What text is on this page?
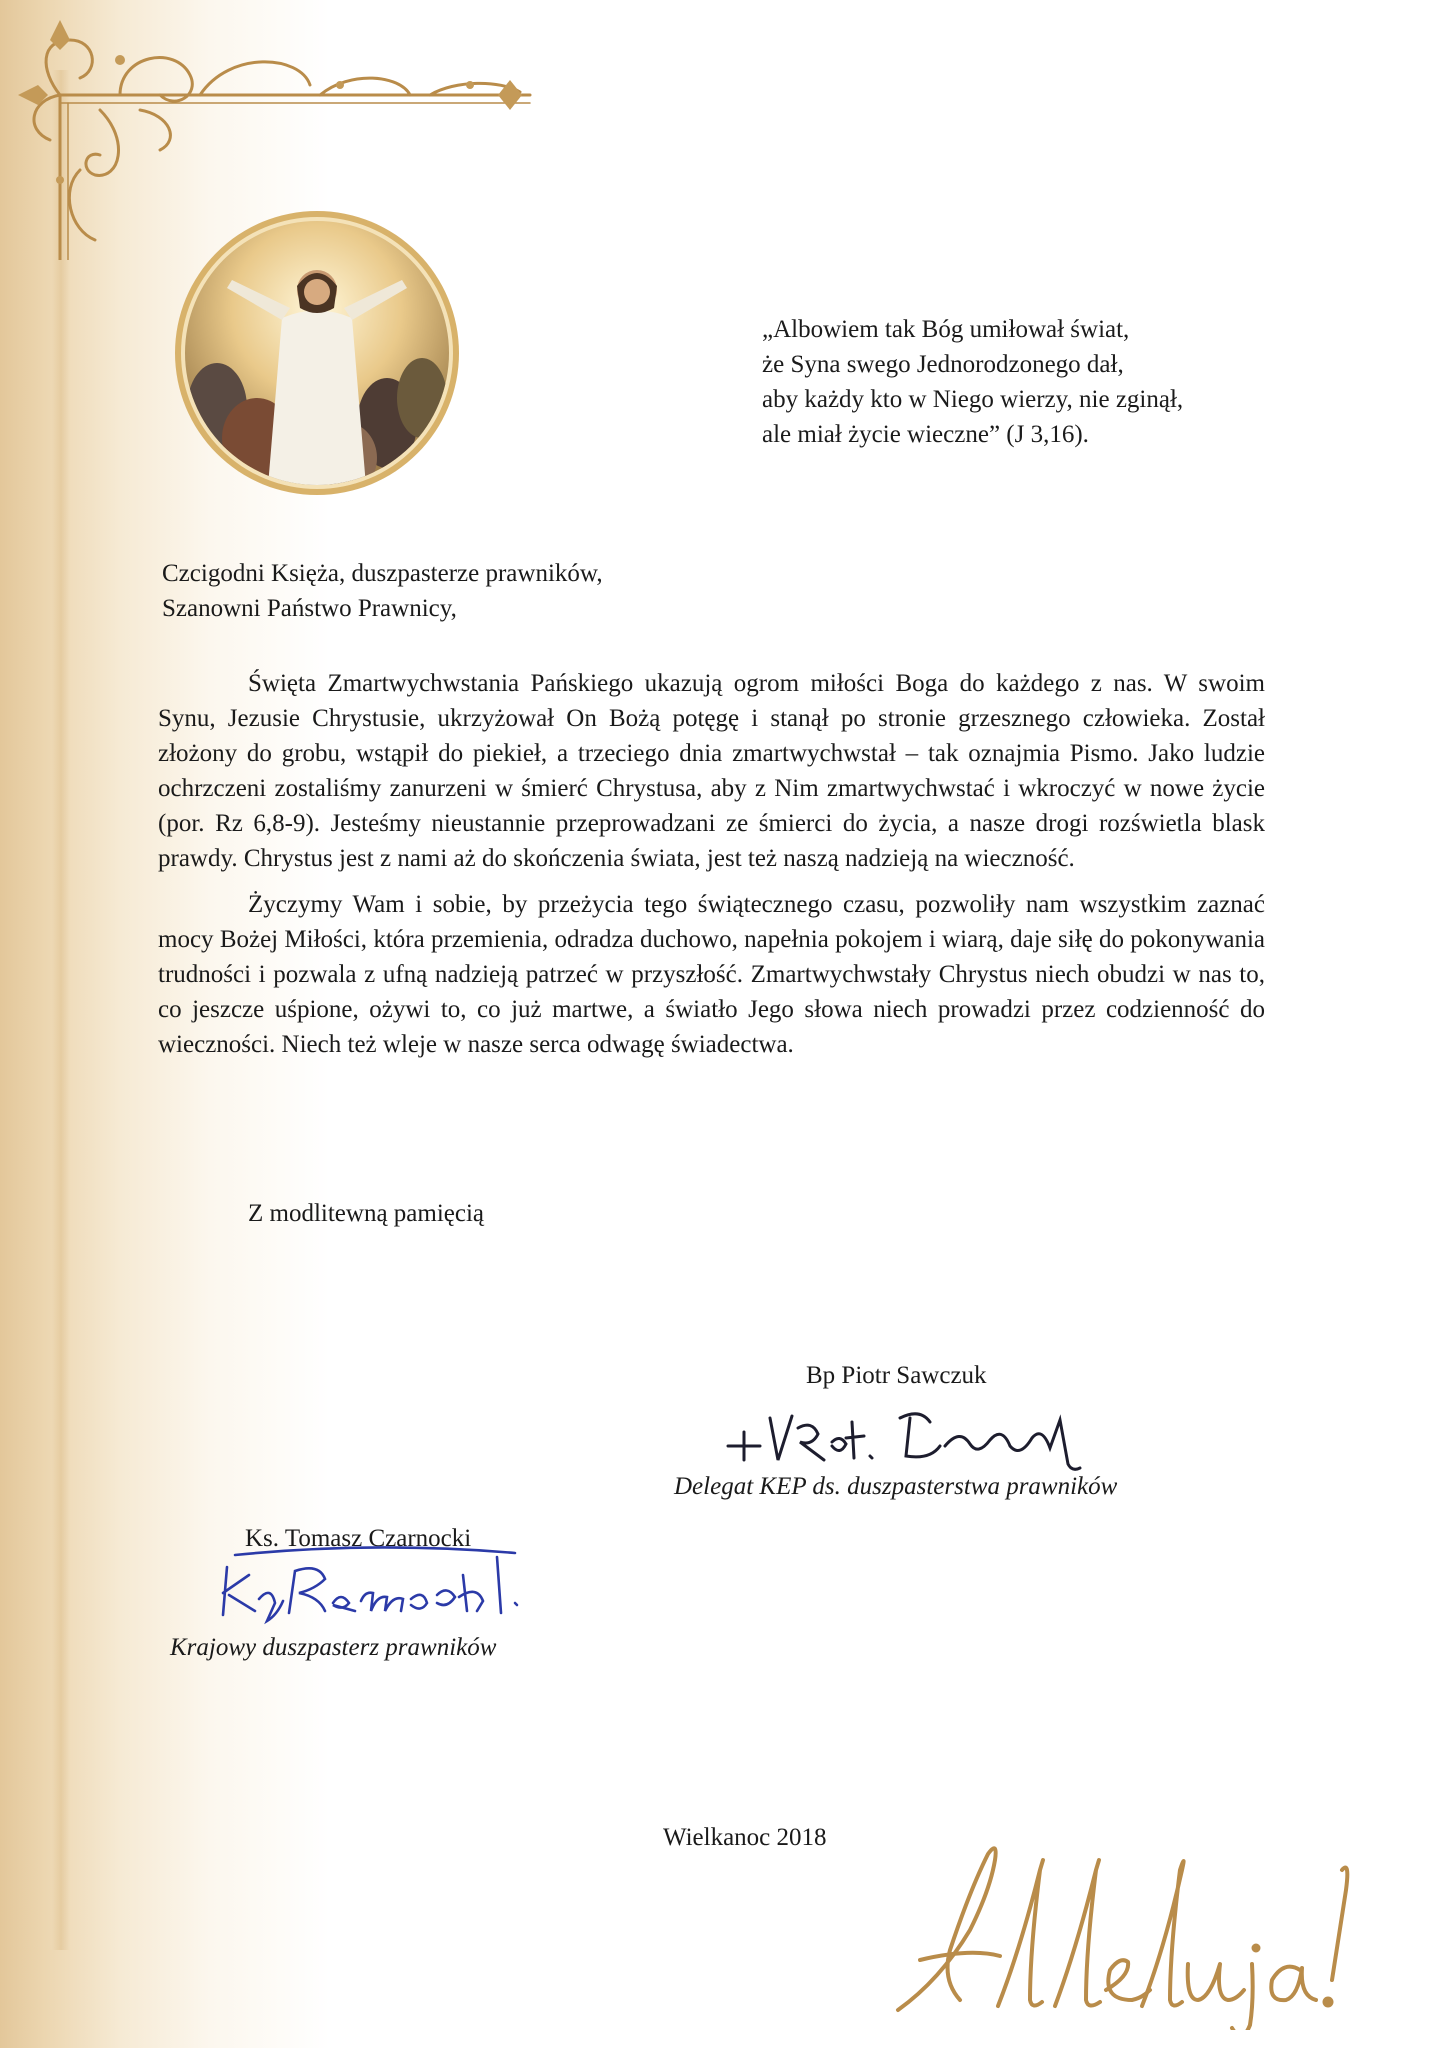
„Albowiem tak Bóg umiłował świat,
że Syna swego Jednorodzonego dał,
aby każdy kto w Niego wierzy, nie zginął,
ale miał życie wieczne” (J 3,16).
Czcigodni Księża, duszpasterze prawników,
Szanowni Państwo Prawnicy,

Święta Zmartwychwstania Pańskiego ukazują ogrom miłości Boga do każdego z nas. W swoim Synu, Jezusie Chrystusie, ukrzyżował On Bożą potęgę i stanął po stronie grzesznego człowieka. Został złożony do grobu, wstąpił do piekieł, a trzeciego dnia zmartwychwstał – tak oznajmia Pismo. Jako ludzie ochrzczeni zostaliśmy zanurzeni w śmierć Chrystusa, aby z Nim zmartwychwstać i wkroczyć w nowe życie (por. Rz 6,8-9). Jesteśmy nieustannie przeprowadzani ze śmierci do życia, a nasze drogi rozświetla blask prawdy. Chrystus jest z nami aż do skończenia świata, jest też naszą nadzieją na wieczność.

Życzymy Wam i sobie, by przeżycia tego świątecznego czasu, pozwoliły nam wszystkim zaznać mocy Bożej Miłości, która przemienia, odradza duchowo, napełnia pokojem i wiarą, daje siłę do pokonywania trudności i pozwala z ufną nadzieją patrzeć w przyszłość. Zmartwychwstały Chrystus niech obudzi w nas to, co jeszcze uśpione, ożywi to, co już martwe, a światło Jego słowa niech prowadzi przez codzienność do wieczności. Niech też wleje w nasze serca odwagę świadectwa.

Z modlitewną pamięcią
Bp Piotr Sawczuk
Delegat KEP ds. duszpasterstwa prawników
Ks. Tomasz Czarnocki
Krajowy duszpasterz prawników
Wielkanoc 2018
